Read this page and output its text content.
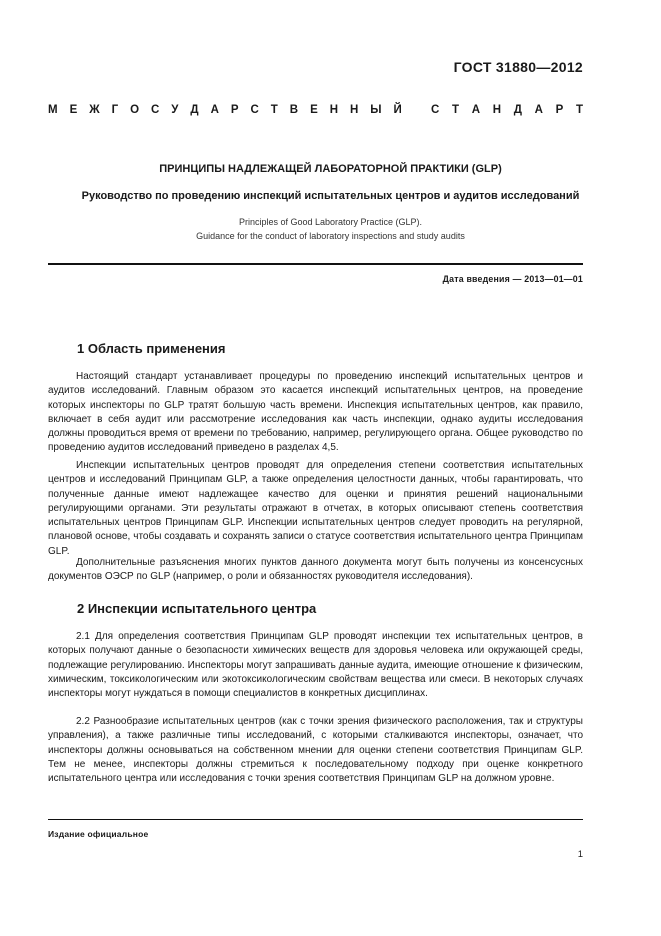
ГОСТ 31880—2012
М Е Ж Г О С У Д А Р С Т В Е Н Н Ы Й	С Т А Н Д А Р Т
ПРИНЦИПЫ НАДЛЕЖАЩЕЙ ЛАБОРАТОРНОЙ ПРАКТИКИ (GLP)
Руководство по проведению инспекций испытательных центров и аудитов исследований
Principles of Good Laboratory Practice (GLP).
Guidance for the conduct of laboratory inspections and study audits
Дата введения — 2013—01—01
1 Область применения

Настоящий стандарт устанавливает процедуры по проведению инспекций испытательных центров и аудитов исследований. Главным образом это касается инспекций испытательных центров, на проведение которых инспекторы по GLP тратят большую часть времени. Инспекция испытательных центров, как правило, включает в себя аудит или рассмотрение исследования как часть инспекции, однако аудиты исследования должны проводиться время от времени по требованию, например, регулирующего органа. Общее руководство по проведению аудитов исследований приведено в разделах 4,5.

Инспекции испытательных центров проводят для определения степени соответствия испытательных центров и исследований Принципам GLP, а также определения целостности данных, чтобы гарантировать, что полученные данные имеют надлежащее качество для оценки и принятия решений национальными регулирующими органами. Эти результаты отражают в отчетах, в которых описывают степень соответствия испытательных центров Принципам GLP. Инспекции испытательных центров следует проводить на регулярной, плановой основе, чтобы создавать и сохранять записи о статусе соответствия испытательного центра Принципам GLP.

Дополнительные разъяснения многих пунктов данного документа могут быть получены из консенсусных документов ОЭСР по GLP (например, о роли и обязанностях руководителя исследования).

2 Инспекции испытательного центра

2.1 Для определения соответствия Принципам GLP проводят инспекции тех испытательных центров, в которых получают данные о безопасности химических веществ для здоровья человека или окружающей среды, подлежащие регулированию. Инспекторы могут запрашивать данные аудита, имеющие отношение к физическим, химическим, токсикологическим или экотоксикологическим свойствам вещества или смеси. В некоторых случаях инспекторы могут нуждаться в помощи специалистов в конкретных дисциплинах.

2.2 Разнообразие испытательных центров (как с точки зрения физического расположения, так и структуры управления), а также различные типы исследований, с которыми сталкиваются инспекторы, означает, что инспекторы должны основываться на собственном мнении для оценки степени соответствия Принципам GLP. Тем не менее, инспекторы должны стремиться к последовательному подходу при оценке конкретного испытательного центра или исследования с точки зрения соответствия Принципам GLP на должном уровне.

Издание официальное
1
